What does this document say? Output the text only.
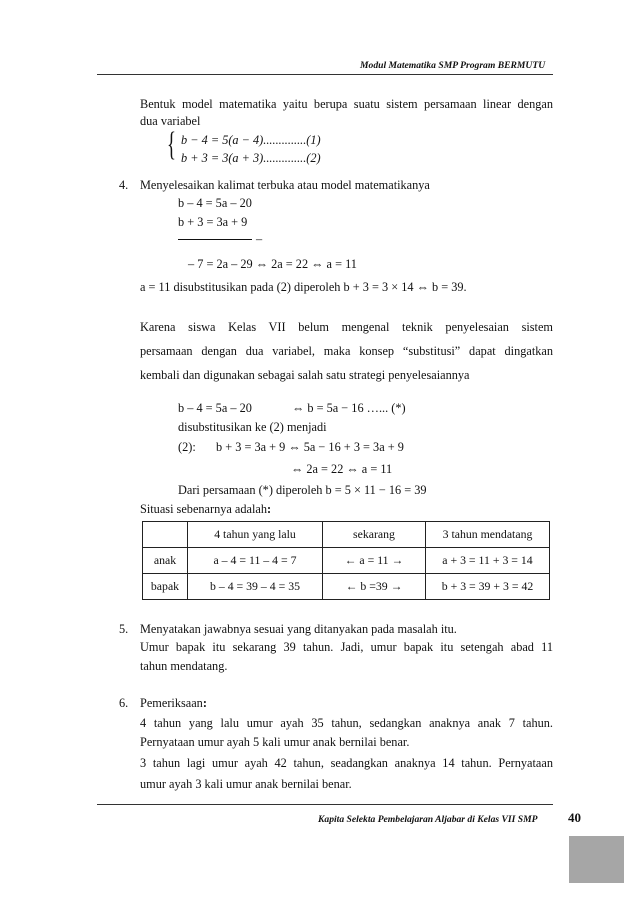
Modul Matematika SMP Program BERMUTU
Bentuk model matematika yaitu berupa suatu sistem persamaan linear dengan
dua variabel
{ b − 4 = 5(a − 4)..............(1)
b + 3 = 3(a + 3)..............(2)
4. Menyelesaikan kalimat terbuka atau model matematikanya
b – 4 = 5a – 20
b + 3 = 3a + 9
–
– 7 = 2a – 29 ⇔ 2a = 22 ⇔ a = 11
a = 11 disubstitusikan pada (2) diperoleh b + 3 = 3 × 14 ⇔ b = 39.
Karena siswa Kelas VII belum mengenal teknik penyelesaian sistem
persamaan dengan dua variabel, maka konsep “substitusi” dapat dingatkan
kembali dan digunakan sebagai salah satu strategi penyelesaiannya
b – 4 = 5a – 20	⇔ b = 5a − 16 …... (*)
disubstitusikan ke (2) menjadi
(2): b + 3 = 3a + 9 ⇔ 5a − 16 + 3 = 3a + 9
⇔ 2a = 22 ⇔ a = 11
Dari persamaan (*) diperoleh b = 5 × 11 − 16 = 39
Situasi sebenarnya adalah:
	4 tahun yang lalu	sekarang	3 tahun mendatang
anak	a – 4 = 11 – 4 = 7	← a = 11 →	a + 3 = 11 + 3 = 14
bapak	b – 4 = 39 – 4 = 35	← b =39 →	b + 3 = 39 + 3 = 42
5. Menyatakan jawabnya sesuai yang ditanyakan pada masalah itu.
Umur bapak itu sekarang 39 tahun. Jadi, umur bapak itu setengah abad 11
tahun mendatang.
6. Pemeriksaan:
4 tahun yang lalu umur ayah 35 tahun, sedangkan anaknya anak 7 tahun.
Pernyataan umur ayah 5 kali umur anak bernilai benar.
3 tahun lagi umur ayah 42 tahun, seadangkan anaknya 14 tahun. Pernyataan
umur ayah 3 kali umur anak bernilai benar.
Kapita Selekta Pembelajaran Aljabar di Kelas VII SMP 40
